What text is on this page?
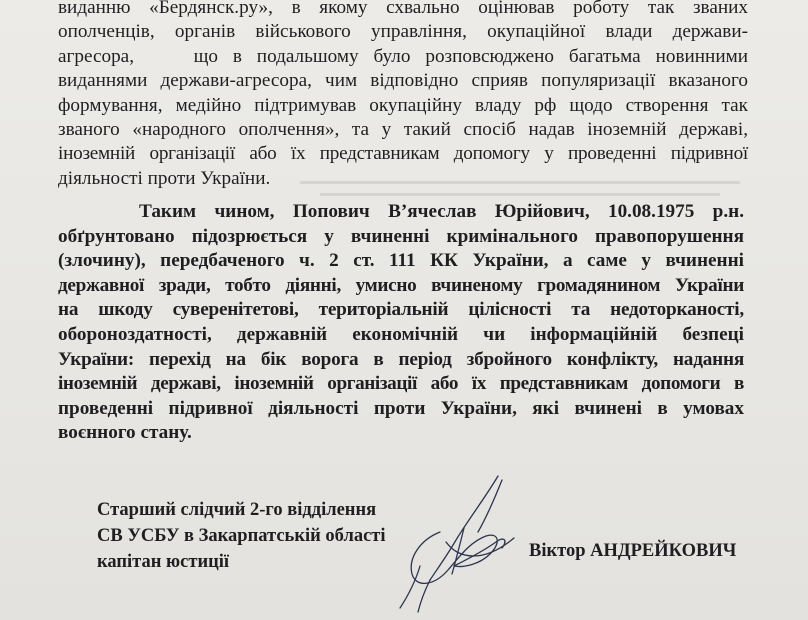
виданню «Бердянск.ру», в якому схвально оцінював роботу так званих
ополченців, органів військового управління, окупаційної влади держави-
агресора,    що в подальшому було розповсюджено багатьма новинними
виданнями держави-агресора, чим відповідно сприяв популяризації вказаного
формування, медійно підтримував окупаційну владу рф щодо створення так
званого «народного ополчення», та у такий спосіб надав іноземній державі,
іноземній організації або їх представникам допомогу у проведенні підривної
діяльності проти України.
Таким чином, Попович В’ячеслав Юрійович, 10.08.1975 р.н.
обґрунтовано підозрюється у вчиненні кримінального правопорушення
(злочину), передбаченого ч. 2 ст. 111 КК України, а саме у вчиненні
державної зради, тобто діянні, умисно вчиненому громадянином України
на шкоду суверенітетові, територіальній цілісності та недоторканості,
обороноздатності, державній економічній чи інформаційній безпеці
України: перехід на бік ворога в період збройного конфлікту, надання
іноземній державі, іноземній організації або їх представникам допомоги в
проведенні підривної діяльності проти України, які вчинені в умовах
воєнного стану.
Старший слідчий 2-го відділення
СВ УСБУ в Закарпатській області
капітан юстиції
Віктор АНДРЕЙКОВИЧ
